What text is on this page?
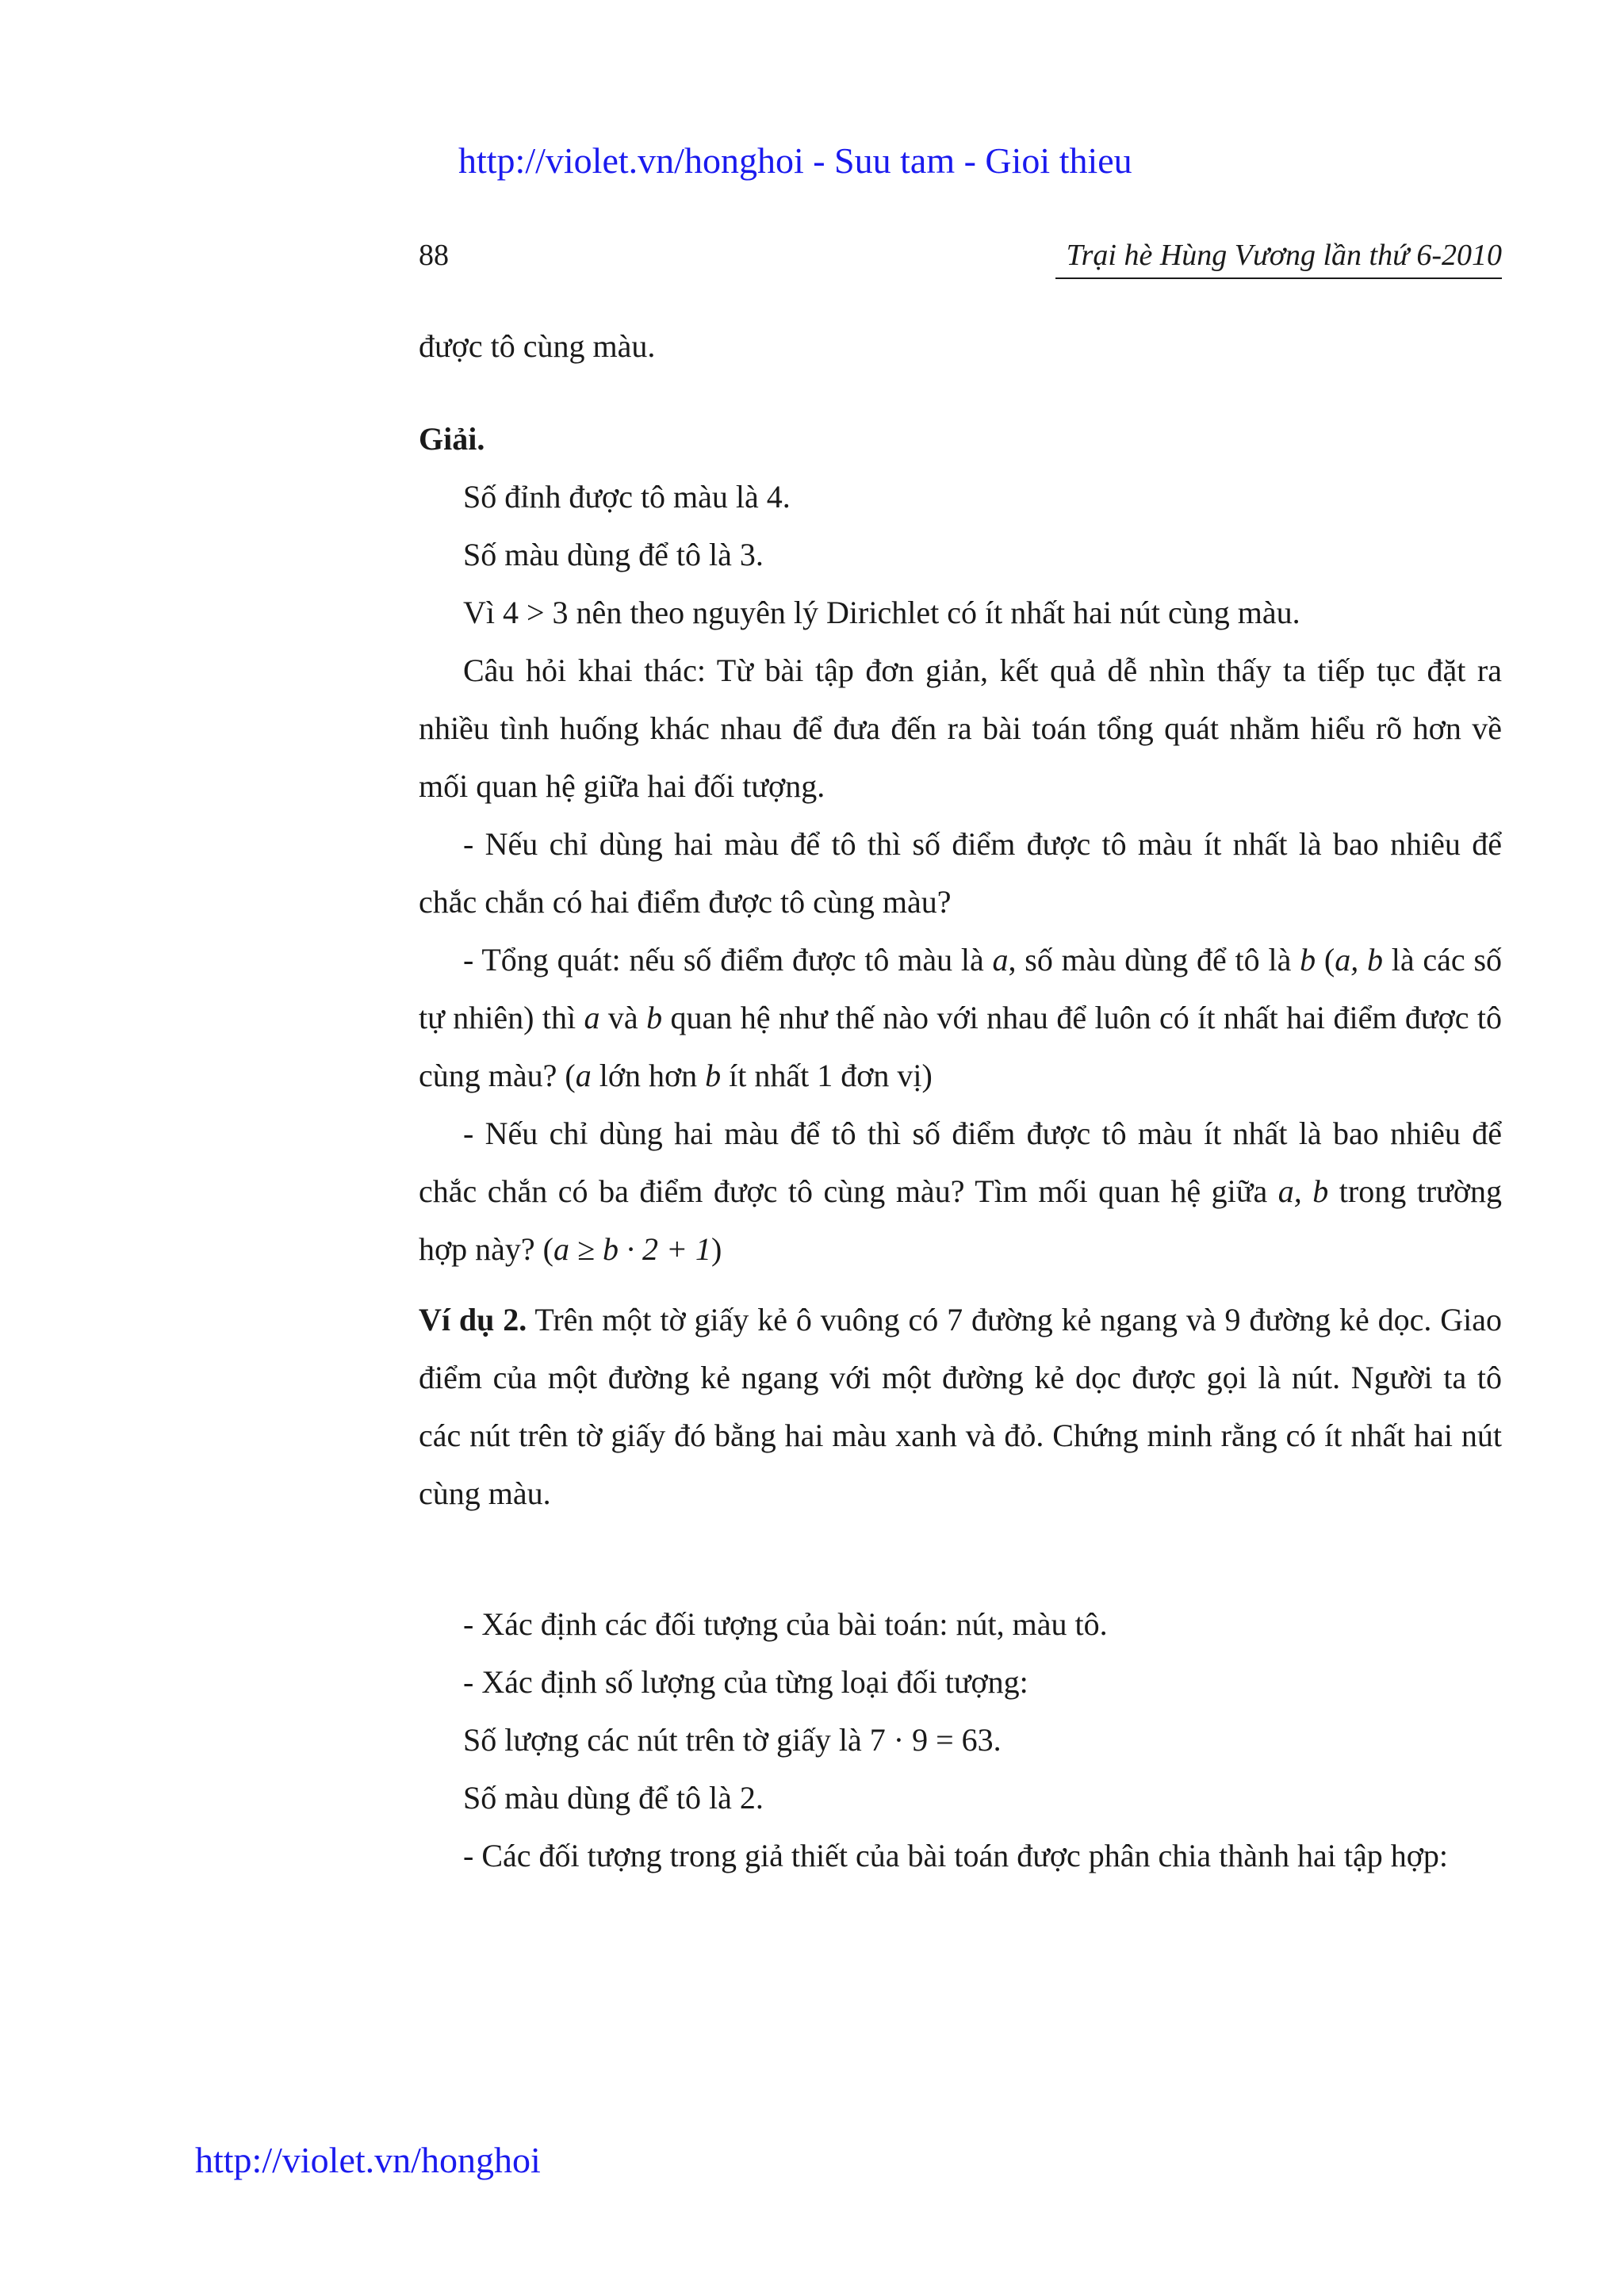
http://violet.vn/honghoi - Suu tam - Gioi thieu
88	Trại hè Hùng Vương lần thứ 6-2010

được tô cùng màu.

Giải.

Số đỉnh được tô màu là 4.

Số màu dùng để tô là 3.

Vì 4 > 3 nên theo nguyên lý Dirichlet có ít nhất hai nút cùng màu.

Câu hỏi khai thác: Từ bài tập đơn giản, kết quả dễ nhìn thấy ta tiếp tục đặt ra nhiều tình huống khác nhau để đưa đến ra bài toán tổng quát nhằm hiểu rõ hơn về mối quan hệ giữa hai đối tượng.

- Nếu chỉ dùng hai màu để tô thì số điểm được tô màu ít nhất là bao nhiêu để chắc chắn có hai điểm được tô cùng màu?

- Tổng quát: nếu số điểm được tô màu là a, số màu dùng để tô là b (a, b là các số tự nhiên) thì a và b quan hệ như thế nào với nhau để luôn có ít nhất hai điểm được tô cùng màu? (a lớn hơn b ít nhất 1 đơn vị)

- Nếu chỉ dùng hai màu để tô thì số điểm được tô màu ít nhất là bao nhiêu để chắc chắn có ba điểm được tô cùng màu? Tìm mối quan hệ giữa a, b trong trường hợp này? (a ≥ b · 2 + 1)

Ví dụ 2. Trên một tờ giấy kẻ ô vuông có 7 đường kẻ ngang và 9 đường kẻ dọc. Giao điểm của một đường kẻ ngang với một đường kẻ dọc được gọi là nút. Người ta tô các nút trên tờ giấy đó bằng hai màu xanh và đỏ. Chứng minh rằng có ít nhất hai nút cùng màu.

- Xác định các đối tượng của bài toán: nút, màu tô.

- Xác định số lượng của từng loại đối tượng:

Số lượng các nút trên tờ giấy là 7 · 9 = 63.

Số màu dùng để tô là 2.

- Các đối tượng trong giả thiết của bài toán được phân chia thành hai tập hợp:

http://violet.vn/honghoi
